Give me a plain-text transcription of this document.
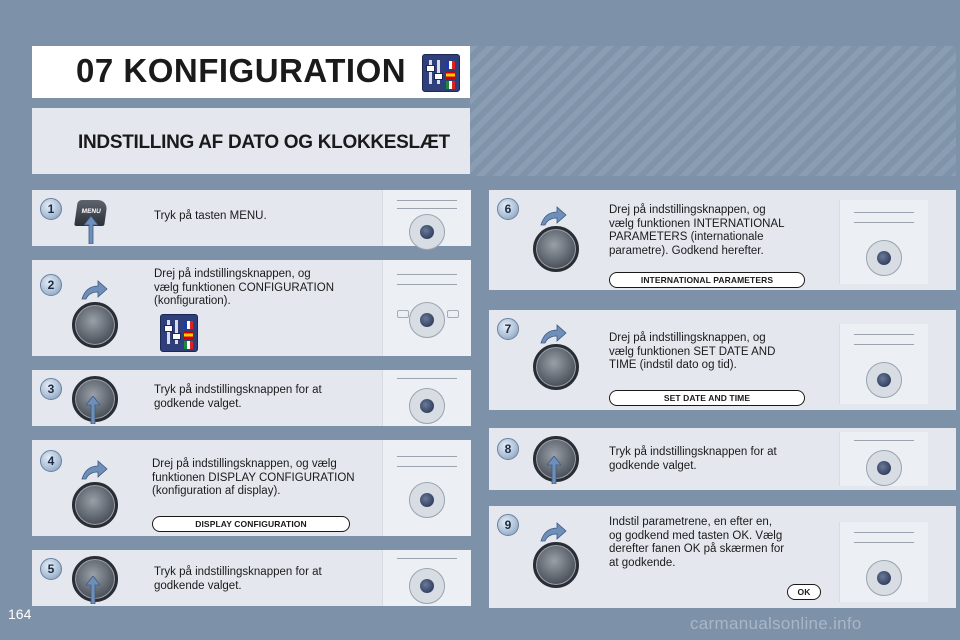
07 KONFIGURATION
INDSTILLING AF DATO OG KLOKKESLÆT
1	MENU	Tryk på tasten MENU.
2
Drej på indstillingsknappen, og
vælg funktionen CONFIGURATION
(konfiguration).
3	Tryk på indstillingsknappen for at
godkende valget.
4	Drej på indstillingsknappen, og vælg
funktionen DISPLAY CONFIGURATION
(konfiguration af display).
DISPLAY CONFIGURATION
5	Tryk på indstillingsknappen for at
godkende valget.
6	Drej på indstillingsknappen, og
vælg funktionen INTERNATIONAL
PARAMETERS (internationale
parametre). Godkend herefter.
INTERNATIONAL PARAMETERS
7
Drej på indstillingsknappen, og
vælg funktionen SET DATE AND
TIME (indstil dato og tid).
SET DATE AND TIME
8	Tryk på indstillingsknappen for at
godkende valget.
9	Indstil parametrene, en efter en,
og godkend med tasten OK. Vælg
derefter fanen OK på skærmen for
at godkende.
OK
164	carmanualsonline.info
